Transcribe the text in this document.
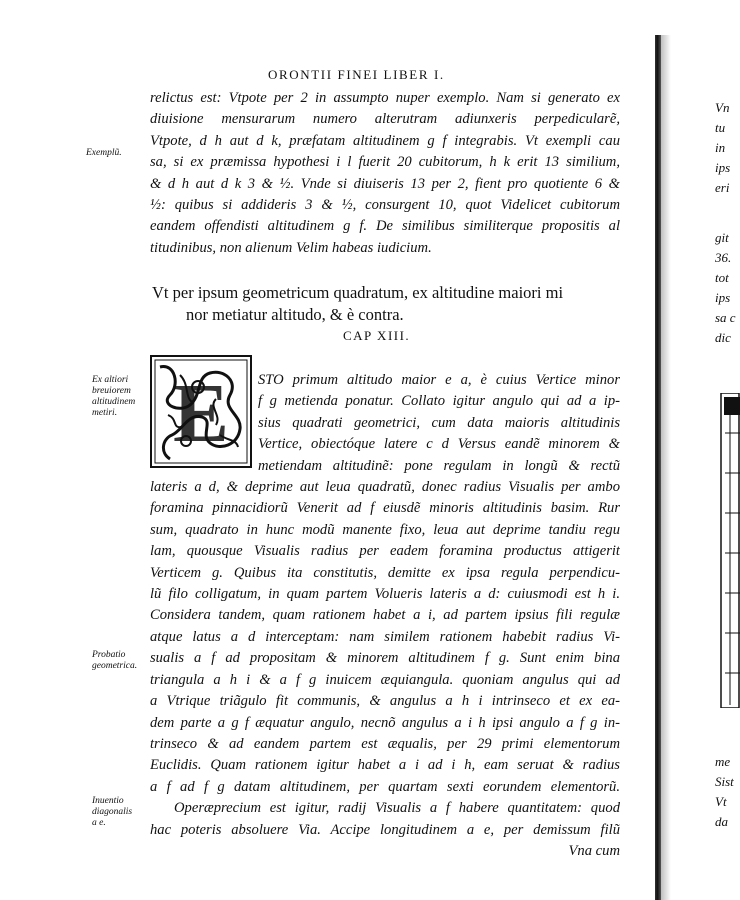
ORONTII FINEI LIBER I.
relictus est: Vtpote per 2 in assumpto nuper exemplo. Nam si generato ex
diuisione mensurarum numero alterutram adiunxeris perpedicularẽ,
Vtpote, d h aut d k, præfatam altitudinem g f integrabis. Vt exempli cau
sa, si ex præmissa hypothesi i l fuerit 20 cubitorum, h k erit 13 similium,
& d h aut d k 3 & ½. Vnde si diuiseris 13 per 2, fient pro quotiente 6 &
½: quibus si addideris 3 & ½, consurgent 10, quot Videlicet cubitorum
eandem offendisti altitudinem g f. De similibus similiterque propositis al
titudinibus, non alienum Velim habeas iudicium.
Vt per ipsum geometricum quadratum, ex altitudine maiori mi
nor metiatur altitudo, & è contra.
CAP XIII.
E	STO primum altitudo maior e a, è cuius Vertice minor
f g metienda ponatur. Collato igitur angulo qui ad a ip-
sius quadrati geometrici, cum data maioris altitudinis
Vertice, obiectóque latere c d Versus eandẽ minorem &
metiendam altitudinẽ: pone regulam in longũ & rectũ
lateris a d, & deprime aut leua quadratũ, donec radius Visualis per ambo
foramina pinnacidiorũ Venerit ad f eiusdẽ minoris altitudinis basim. Rur
sum, quadrato in hunc modũ manente fixo, leua aut deprime tandiu regu
lam, quousque Visualis radius per eadem foramina productus attigerit
Verticem g. Quibus ita constitutis, demitte ex ipsa regula perpendicu-
lũ filo colligatum, in quam partem Volueris lateris a d: cuiusmodi est h i.
Considera tandem, quam rationem habet a i, ad partem ipsius fili regulæ
atque latus a d interceptam: nam similem rationem habebit radius Vi-
sualis a f ad propositam & minorem altitudinem f g. Sunt enim bina
triangula a h i & a f g inuicem æquiangula. quoniam angulus qui ad
a Vtrique triãgulo fit communis, & angulus a h i intrinseco et ex ea-
dem parte a g f æquatur angulo, necnõ angulus a i h ipsi angulo a f g in-
trinseco & ad eandem partem est æqualis, per 29 primi elementorum
Euclidis. Quam rationem igitur habet a i ad i h, eam seruat & radius
a f ad f g datam altitudinem, per quartam sexti eorundem elementorũ.
Operæprecium est igitur, radij Visualis a f habere quantitatem: quod
hac poteris absoluere Via. Accipe longitudinem a e, per demissum filũ
Vna cum
Exemplũ.
Ex altiori
breuiorem
altitudinem
metiri.
Probatio
geometrica.
Inuentio
diagonalis
a e.
Vn
tu
in
ips
eri
git
36.
tot
ips
sa c
dic
me
Sist
Vt
da
